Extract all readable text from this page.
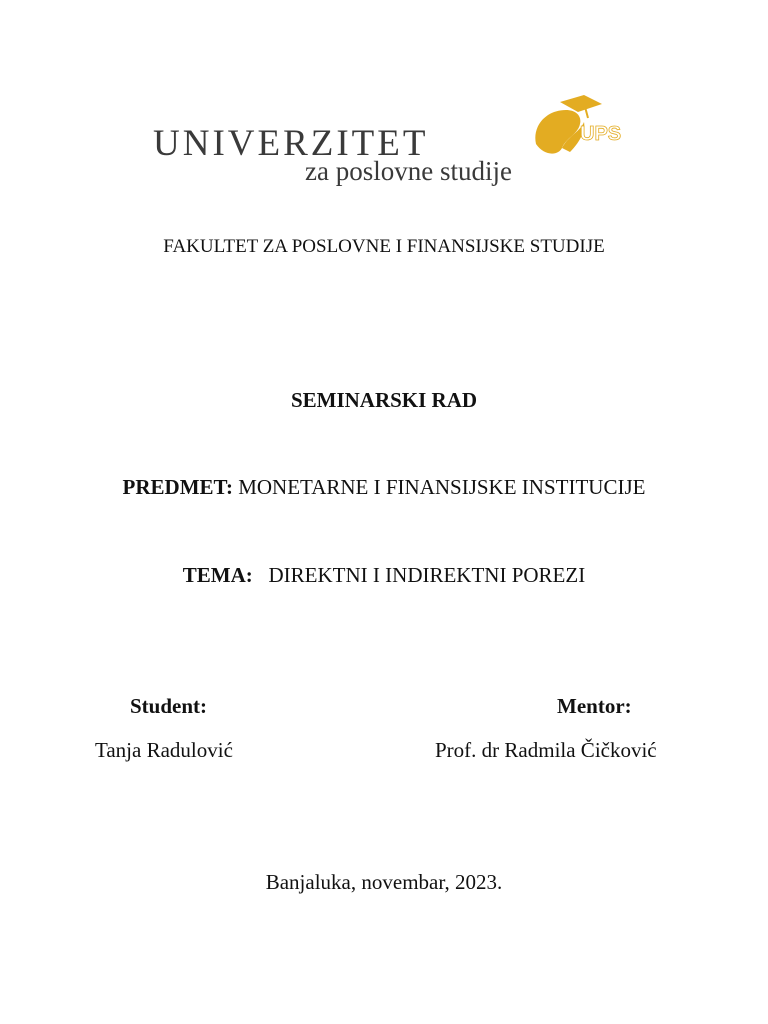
UNIVERZITET
za poslovne studije
UPS
FAKULTET ZA POSLOVNE I FINANSIJSKE STUDIJE
SEMINARSKI RAD
PREDMET: MONETARNE I FINANSIJSKE INSTITUCIJE
TEMA: DIREKTNI I INDIREKTNI POREZI
Student:
Tanja Radulović
Mentor:
Prof. dr Radmila Čičković
Banjaluka, novembar, 2023.
